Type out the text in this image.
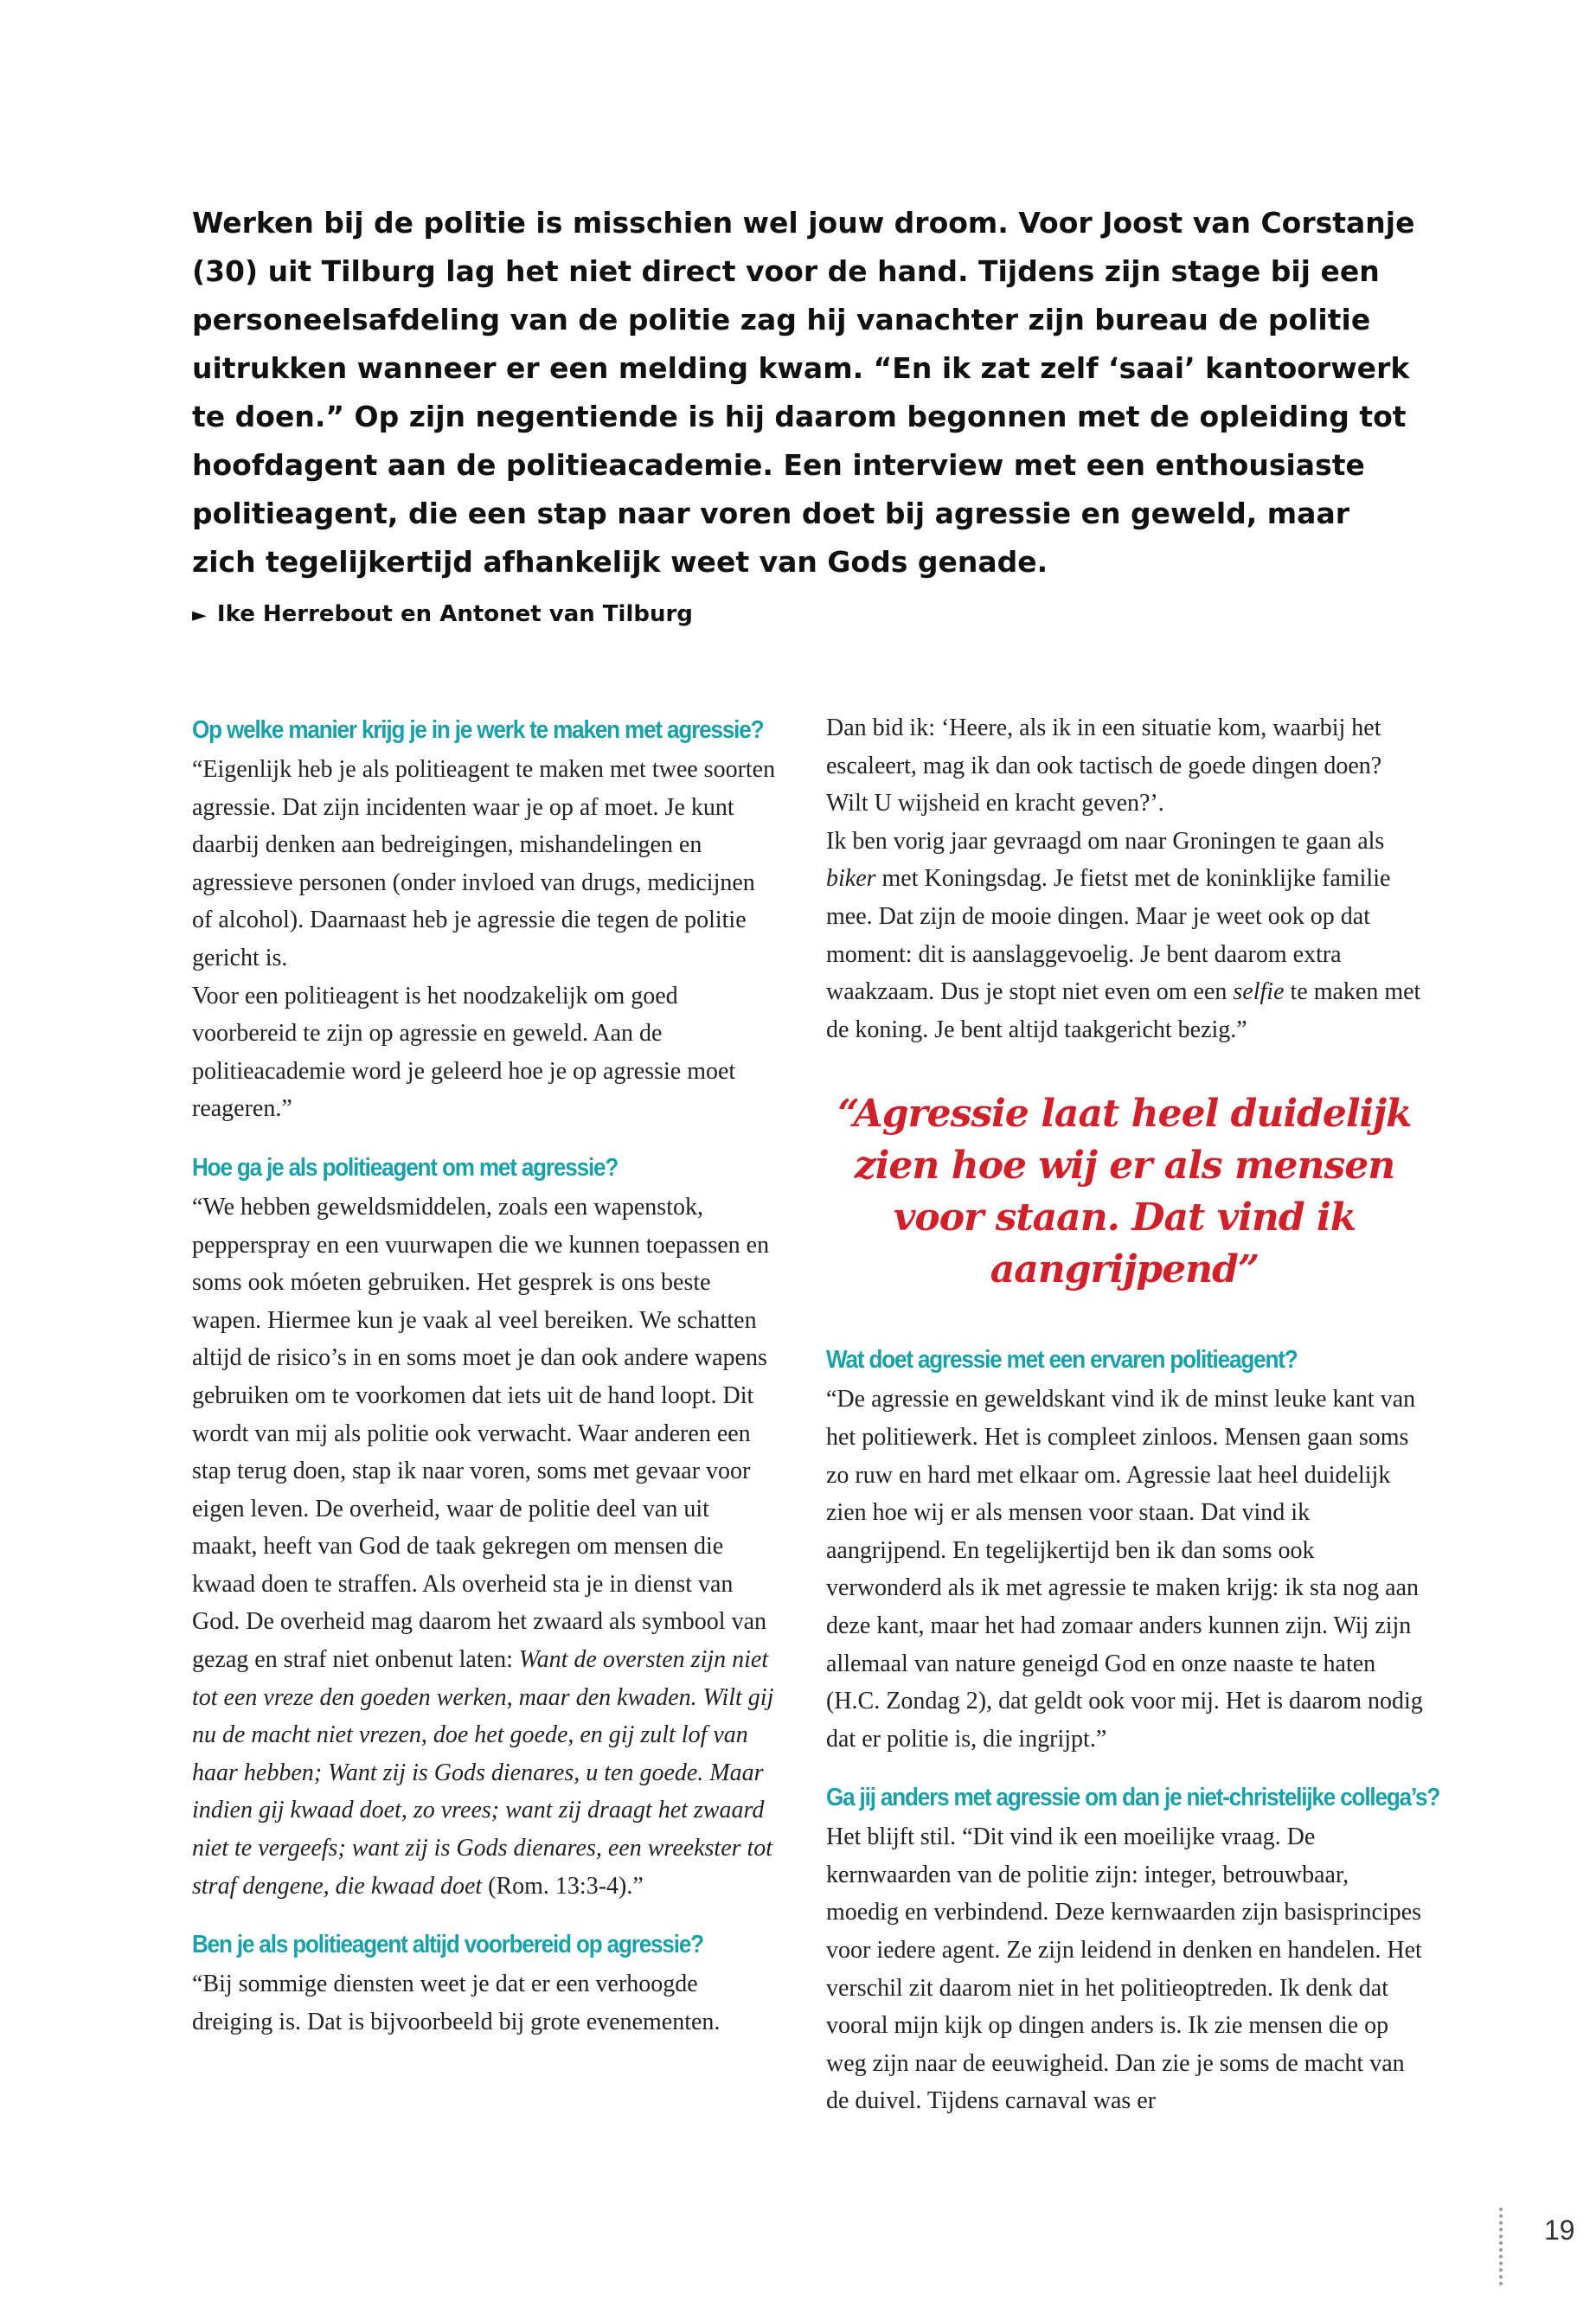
Werken bij de politie is misschien wel jouw droom. Voor Joost van Corstanje (30) uit Tilburg lag het niet direct voor de hand. Tijdens zijn stage bij een personeelsafdeling van de politie zag hij vanachter zijn bureau de politie uitrukken wanneer er een melding kwam. “En ik zat zelf ‘saai’ kantoorwerk te doen.” Op zijn negentiende is hij daarom begonnen met de opleiding tot hoofdagent aan de politieacademie. Een interview met een enthousiaste politieagent, die een stap naar voren doet bij agressie en geweld, maar zich tegelijkertijd afhankelijk weet van Gods genade.

► Ike Herrebout en Antonet van Tilburg
Op welke manier krijg je in je werk te maken met agressie?

“Eigenlijk heb je als politieagent te maken met twee soorten agressie. Dat zijn incidenten waar je op af moet. Je kunt daarbij denken aan bedreigingen, mishandelingen en agressieve personen (onder invloed van drugs, medicijnen of alcohol). Daarnaast heb je agressie die tegen de politie gericht is.

Voor een politieagent is het noodzakelijk om goed voorbereid te zijn op agressie en geweld. Aan de politieacademie word je geleerd hoe je op agressie moet reageren.”

Hoe ga je als politieagent om met agressie?

“We hebben geweldsmiddelen, zoals een wapenstok, pepperspray en een vuurwapen die we kunnen toepassen en soms ook móeten gebruiken. Het gesprek is ons beste wapen. Hiermee kun je vaak al veel bereiken. We schatten altijd de risico’s in en soms moet je dan ook andere wapens gebruiken om te voorkomen dat iets uit de hand loopt. Dit wordt van mij als politie ook verwacht. Waar anderen een stap terug doen, stap ik naar voren, soms met gevaar voor eigen leven. De overheid, waar de politie deel van uit maakt, heeft van God de taak gekregen om mensen die kwaad doen te straffen. Als overheid sta je in dienst van God. De overheid mag daarom het zwaard als symbool van gezag en straf niet onbenut laten: Want de oversten zijn niet tot een vreze den goeden werken, maar den kwaden. Wilt gij nu de macht niet vrezen, doe het goede, en gij zult lof van haar hebben; Want zij is Gods dienares, u ten goede. Maar indien gij kwaad doet, zo vrees; want zij draagt het zwaard niet te vergeefs; want zij is Gods dienares, een wreekster tot straf dengene, die kwaad doet (Rom. 13:3-4).”

Ben je als politieagent altijd voorbereid op agressie?

“Bij sommige diensten weet je dat er een verhoogde dreiging is. Dat is bijvoorbeeld bij grote evenementen.

Dan bid ik: ‘Heere, als ik in een situatie kom, waarbij het escaleert, mag ik dan ook tactisch de goede dingen doen? Wilt U wijsheid en kracht geven?’.

Ik ben vorig jaar gevraagd om naar Groningen te gaan als biker met Koningsdag. Je fietst met de koninklijke familie mee. Dat zijn de mooie dingen. Maar je weet ook op dat moment: dit is aanslaggevoelig. Je bent daarom extra waakzaam. Dus je stopt niet even om een selfie te maken met de koning. Je bent altijd taakgericht bezig.”

“Agressie laat heel duidelijk zien hoe wij er als mensen voor staan. Dat vind ik aangrijpend”
Wat doet agressie met een ervaren politieagent?

“De agressie en geweldskant vind ik de minst leuke kant van het politiewerk. Het is compleet zinloos. Mensen gaan soms zo ruw en hard met elkaar om. Agressie laat heel duidelijk zien hoe wij er als mensen voor staan. Dat vind ik aangrijpend. En tegelijkertijd ben ik dan soms ook verwonderd als ik met agressie te maken krijg: ik sta nog aan deze kant, maar het had zomaar anders kunnen zijn. Wij zijn allemaal van nature geneigd God en onze naaste te haten (H.C. Zondag 2), dat geldt ook voor mij. Het is daarom nodig dat er politie is, die ingrijpt.”

Ga jij anders met agressie om dan je niet-christelijke collega’s?

Het blijft stil. “Dit vind ik een moeilijke vraag. De kernwaarden van de politie zijn: integer, betrouwbaar, moedig en verbindend. Deze kernwaarden zijn basisprincipes voor iedere agent. Ze zijn leidend in denken en handelen. Het verschil zit daarom niet in het politieoptreden. Ik denk dat vooral mijn kijk op dingen anders is. Ik zie mensen die op weg zijn naar de eeuwigheid. Dan zie je soms de macht van de duivel. Tijdens carnaval was er

19
